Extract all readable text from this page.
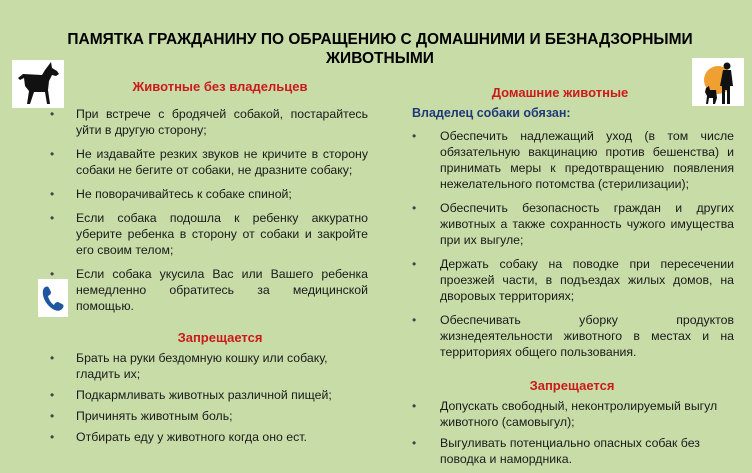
ПАМЯТКА ГРАЖДАНИНУ ПО ОБРАЩЕНИЮ С ДОМАШНИМИ И БЕЗНАДЗОРНЫМИ
ЖИВОТНЫМИ
Животные без владельцев
• При встрече с бродячей собакой, постарайтесь уйти в другую сторону;
• Не издавайте резких звуков не кричите в сторону собаки не бегите от собаки, не дразните собаку;
• Не поворачивайтесь к собаке спиной;
• Если собака подошла к ребенку аккуратно уберите ребенка в сторону от собаки и закройте его своим телом;
• Если собака укусила Вас или Вашего ребенка немедленно обратитесь за медицинской помощью.
Запрещается
• Брать на руки бездомную кошку или собаку, гладить их;
• Подкармливать животных различной пищей;
• Причинять животным боль;
• Отбирать еду у животного когда оно ест.
Домашние животные
Владелец собаки обязан:
• Обеспечить надлежащий уход (в том числе обязательную вакцинацию против бешенства) и принимать меры к предотвращению появления нежелательного потомства (стерилизации);
• Обеспечить безопасность граждан и других животных а также сохранность чужого имущества при их выгуле;
• Держать собаку на поводке при пересечении проезжей части, в подъездах жилых домов, на дворовых территориях;
• Обеспечивать уборку продуктов жизнедеятельности животного в местах и на территориях общего пользования.
Запрещается
• Допускать свободный, неконтролируемый выгул животного (самовыгул);
• Выгуливать потенциально опасных собак без поводка и намордника.
